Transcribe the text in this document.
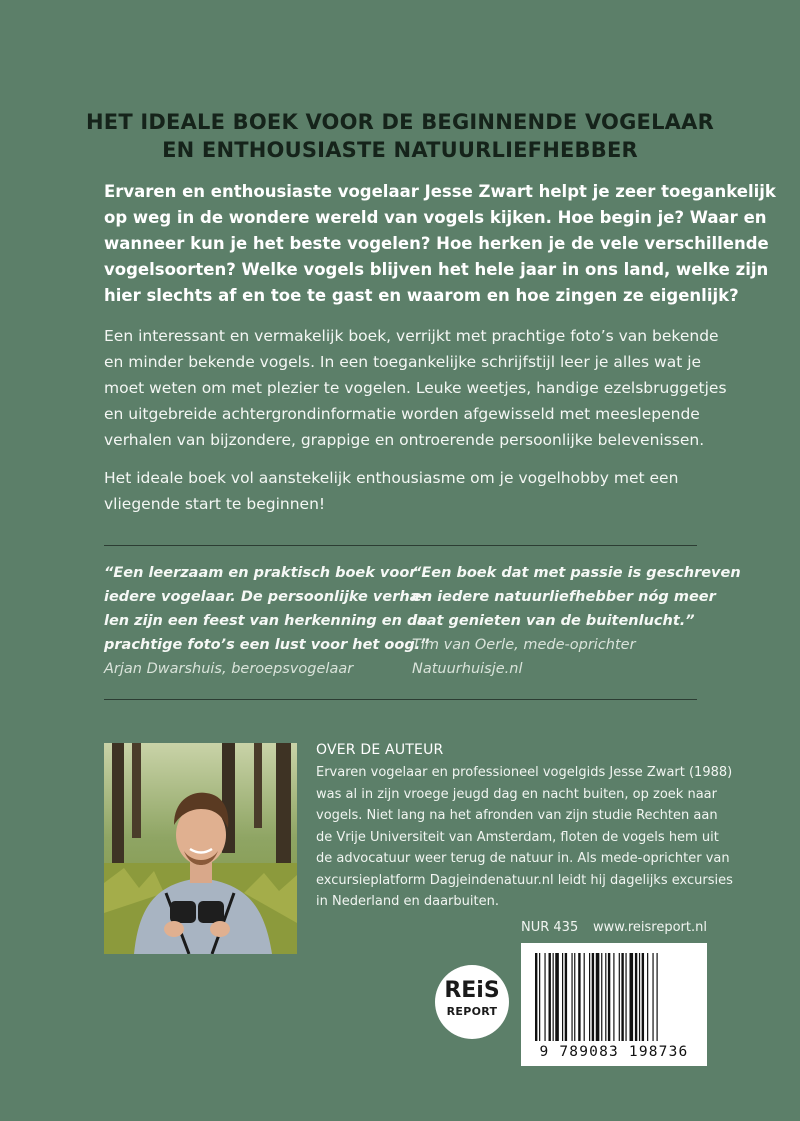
HET IDEALE BOEK VOOR DE BEGINNENDE VOGELAAR
EN ENTHOUSIASTE NATUURLIEFHEBBER
Ervaren en enthousiaste vogelaar Jesse Zwart helpt je zeer toegankelijk
op weg in de wondere wereld van vogels kijken. Hoe begin je? Waar en
wanneer kun je het beste vogelen? Hoe herken je de vele verschillende
vogelsoorten? Welke vogels blijven het hele jaar in ons land, welke zijn
hier slechts af en toe te gast en waarom en hoe zingen ze eigenlijk?
Een interessant en vermakelijk boek, verrijkt met prachtige foto’s van bekende
en minder bekende vogels. In een toegankelijke schrijfstijl leer je alles wat je
moet weten om met plezier te vogelen. Leuke weetjes, handige ezelsbruggetjes
en uitgebreide achtergrondinformatie worden afgewisseld met meeslepende
verhalen van bijzondere, grappige en ontroerende persoonlijke belevenissen.
Het ideale boek vol aanstekelijk enthousiasme om je vogelhobby met een
vliegende start te beginnen!
“Een leerzaam en praktisch boek voor
iedere vogelaar. De persoonlijke verha-
len zijn een feest van herkenning en de
prachtige foto’s een lust voor het oog.”
Arjan Dwarshuis, beroepsvogelaar
“Een boek dat met passie is geschreven
en iedere natuurliefhebber nóg meer
laat genieten van de buitenlucht.”
Tim van Oerle, mede-oprichter
Natuurhuisje.nl
OVER DE AUTEUR
Ervaren vogelaar en professioneel vogelgids Jesse Zwart (1988)
was al in zijn vroege jeugd dag en nacht buiten, op zoek naar
vogels. Niet lang na het afronden van zijn studie Rechten aan
de Vrije Universiteit van Amsterdam, floten de vogels hem uit
de advocatuur weer terug de natuur in. Als mede-oprichter van
excursieplatform Dagjeindenatuur.nl leidt hij dagelijks excursies
in Nederland en daarbuiten.
NUR 435 www.reisreport.nl
REiS
REPORT
9 789083 198736
